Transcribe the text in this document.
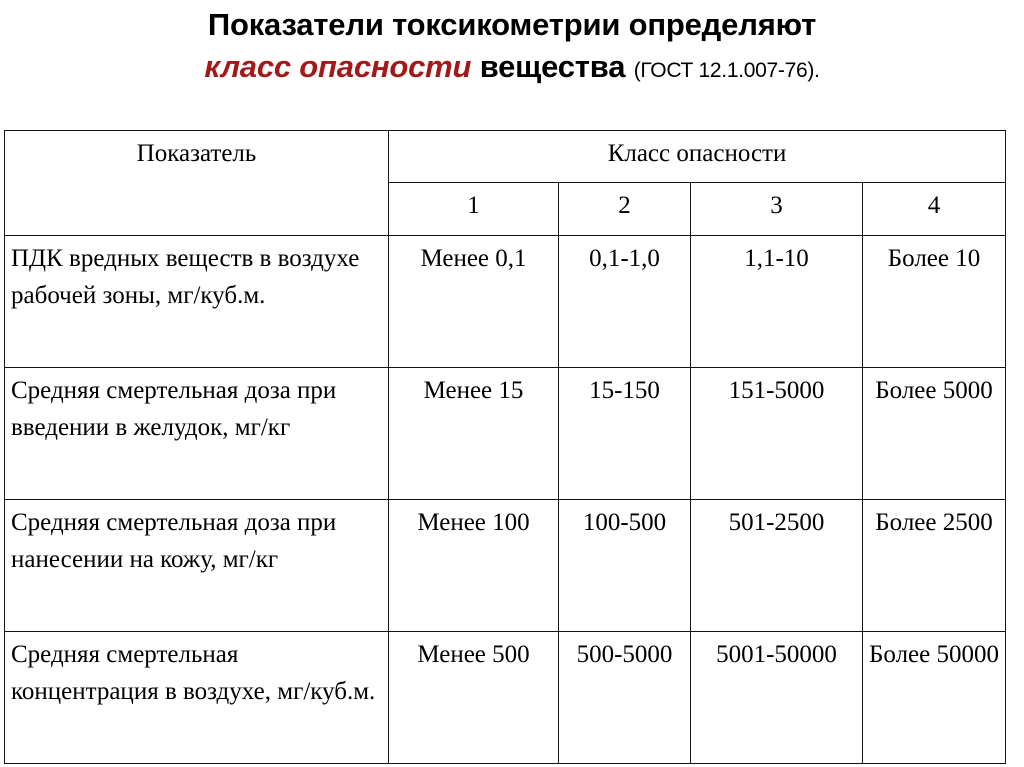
Показатели токсикометрии определяют
класс опасности вещества (ГОСТ 12.1.007-76).
Показатель	Класс опасности			
	1	2	3	4
ПДК вредных веществ в воздухе рабочей зоны, мг/куб.м.	Менее 0,1	0,1-1,0	1,1-10	Более 10
Средняя смертельная доза при введении в желудок, мг/кг	Менее 15	15-150	151-5000	Более 5000
Средняя смертельная доза при нанесении на кожу, мг/кг	Менее 100	100-500	501-2500	Более 2500
Средняя смертельная концентрация в воздухе, мг/куб.м.	Менее 500	500-5000	5001-50000	Более 50000
